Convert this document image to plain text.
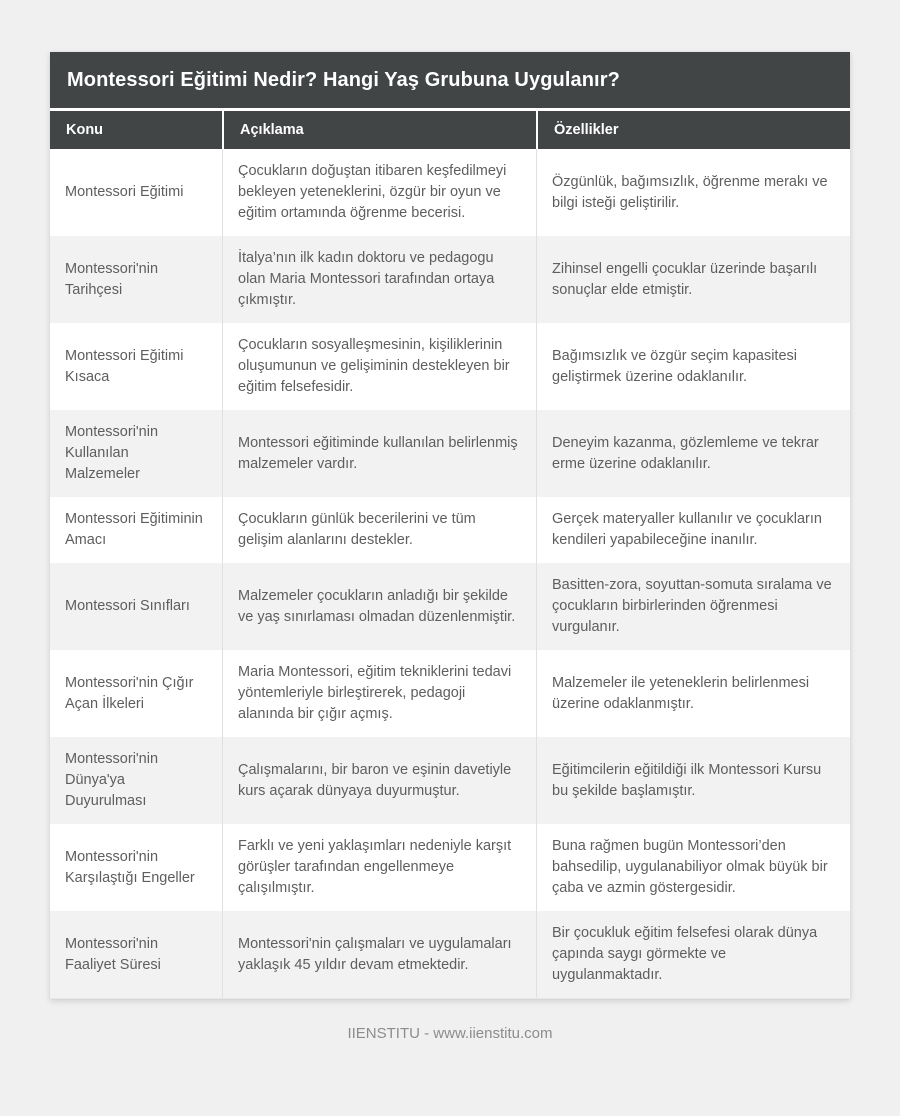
Montessori Eğitimi Nedir? Hangi Yaş Grubuna Uygulanır?
Konu	Açıklama	Özellikler
Montessori Eğitimi
Çocukların doğuştan itibaren keşfedilmeyi bekleyen yeteneklerini, özgür bir oyun ve eğitim ortamında öğrenme becerisi.
Özgünlük, bağımsızlık, öğrenme merakı ve bilgi isteği geliştirilir.
Montessori'nin Tarihçesi
İtalya’nın ilk kadın doktoru ve pedagogu olan Maria Montessori tarafından ortaya çıkmıştır.
Zihinsel engelli çocuklar üzerinde başarılı sonuçlar elde etmiştir.
Montessori Eğitimi Kısaca
Çocukların sosyalleşmesinin, kişiliklerinin oluşumunun ve gelişiminin destekleyen bir eğitim felsefesidir.
Bağımsızlık ve özgür seçim kapasitesi geliştirmek üzerine odaklanılır.
Montessori'nin Kullanılan Malzemeler
Montessori eğitiminde kullanılan belirlenmiş malzemeler vardır.
Deneyim kazanma, gözlemleme ve tekrar erme üzerine odaklanılır.
Montessori Eğitiminin Amacı
Çocukların günlük becerilerini ve tüm gelişim alanlarını destekler.
Gerçek materyaller kullanılır ve çocukların kendileri yapabileceğine inanılır.
Montessori Sınıfları
Malzemeler çocukların anladığı bir şekilde ve yaş sınırlaması olmadan düzenlenmiştir.
Basitten-zora, soyuttan-somuta sıralama ve çocukların birbirlerinden öğrenmesi vurgulanır.
Montessori'nin Çığır Açan İlkeleri
Maria Montessori, eğitim tekniklerini tedavi yöntemleriyle birleştirerek, pedagoji alanında bir çığır açmış.
Malzemeler ile yeteneklerin belirlenmesi üzerine odaklanmıştır.
Montessori'nin Dünya'ya Duyurulması
Çalışmalarını, bir baron ve eşinin davetiyle kurs açarak dünyaya duyurmuştur.
Eğitimcilerin eğitildiği ilk Montessori Kursu bu şekilde başlamıştır.
Montessori'nin Karşılaştığı Engeller
Farklı ve yeni yaklaşımları nedeniyle karşıt görüşler tarafından engellenmeye çalışılmıştır.
Buna rağmen bugün Montessori’den bahsedilip, uygulanabiliyor olmak büyük bir çaba ve azmin göstergesidir.
Montessori'nin Faaliyet Süresi
Montessori'nin çalışmaları ve uygulamaları yaklaşık 45 yıldır devam etmektedir.
Bir çocukluk eğitim felsefesi olarak dünya çapında saygı görmekte ve uygulanmaktadır.
IIENSTITU - www.iienstitu.com
